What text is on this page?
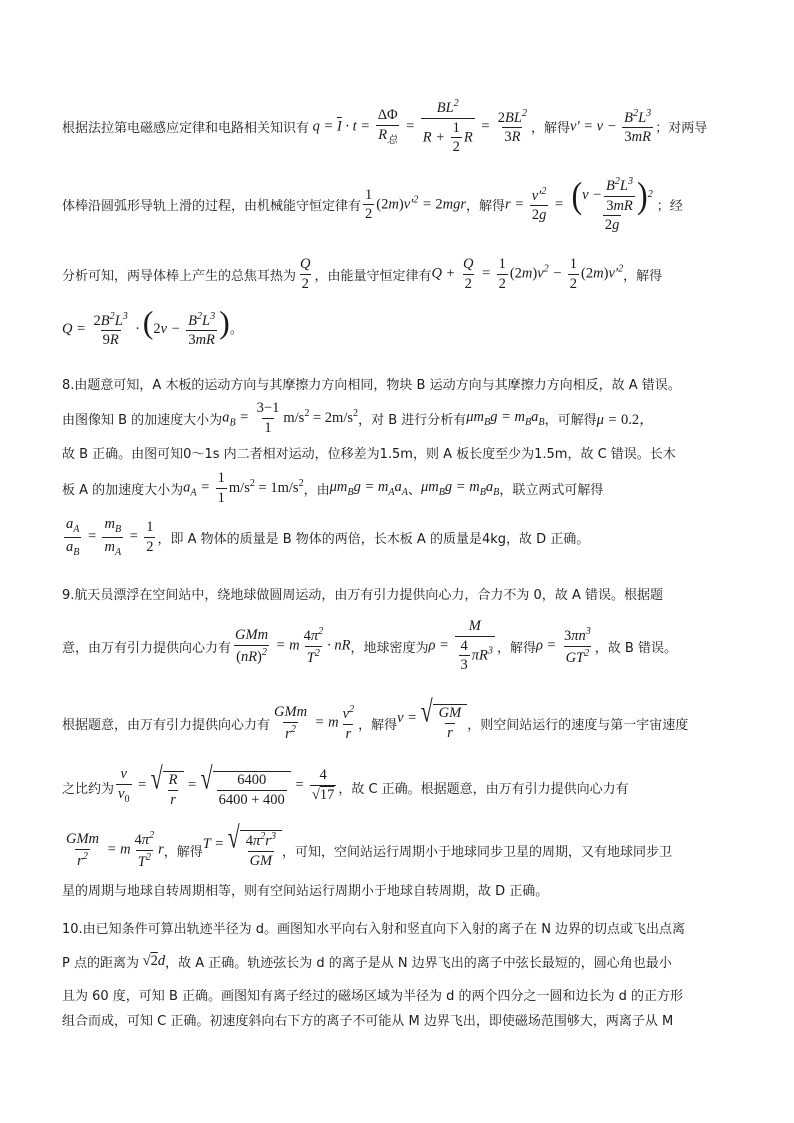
根据法拉第电磁感应定律和电路相关知识有 $q = \overline{I} \cdot t$ =
ΔΦ
$R_总$
= $\frac{BL^2}{R + \frac{1}{2} R} = \frac{2BL^2}{3R}$ ，解得 $v' = v - \frac{B^2L^3}{3mR}$ ；对两导
体棒沿圆弧形导轨上滑的过程，由机械能守恒定律有 $\frac{1}{2} (2m)v'^2 = 2mgr$ ，解得 $r = \frac{v'^2}{2g}$ = ( v −
$B^2L^3$
3mR ) 2
2g ；经
分析可知，两导体棒上产生的总焦耳热为 $\frac{Q}{2}$ ，由能量守恒定律有 $Q + \frac{Q}{2} = \frac{1}{2} (2m)v^2 - \frac{1}{2} (2m)v'^2$ ，解得
$Q = \frac{2B^2L^3}{9R} \cdot (2v - \frac{B^2L^3}{3mR}$ ) 。
8.由题意可知，A 木板的运动方向与其摩擦力方向相同，物块 B 运动方向与其摩擦力方向相反，故 A 错误。
由图像知 B 的加速度大小为 $a_B = \frac{3-1}{1} m/s^2 = 2m/s^2$ ，对 B 进行分析有 $\mu m_Bg = m_Ba_B$ ，可解得 μ = 0.2，
故 B 正确。由图可知0～1s 内二者相对运动，位移差为1.5m，则 A 板长度至少为1.5m，故 C 错误。长木
板 A 的加速度大小为 $a_A = \frac{1}{1} m/s^2 = 1m/s^2$ ，由 $\mu m_Bg = m_Aa_A$ 、 $\mu m_Bg = m_Ba_B$ ，联立两式可解得
$\frac{a_A}{a_B} = \frac{m_B}{m_A} = \frac{1}{2}$ ，即 A 物体的质量是 B 物体的两倍，长木板 A 的质量是4kg，故 D 正确。
9.航天员漂浮在空间站中，绕地球做圆周运动，由万有引力提供向心力，合力不为 0，故 A 错误。根据题
意，由万有引力提供向心力有
GMm
(nR)$^2$ = m $\frac{4\pi^2}{T^2}$ · nR ，地球密度为 $\rho = \frac{M}{\frac{4}{3} \pi R^3}$ ，解得 $\rho = \frac{3\pi n^3}{GT^2}$ ，故 B 错误。
根据题意，由万有引力提供向心力有
GMm
$r^2 = m \frac{v^2}{r}$ ，解得 v = √ GM
r ，则空间站运行的速度与第一宇宙速度
之比约为 $\frac{v}{v_0}$ = √ R
r
= √ 6400
6400 + 400
= $\frac{4}{√17}$ ，故 C 正确。根据题意，由万有引力提供向心力有
GMm
$r^2 = m \frac{4\pi^2}{T^2}$ r ，解得 T = √ $4\pi^2r^3$
GM
，可知，空间站运行周期小于地球同步卫星的周期，又有地球同步卫
星的周期与地球自转周期相等，则有空间站运行周期小于地球自转周期，故 D 正确。
10.由已知条件可算出轨迹半径为 d。画图知水平向右入射和竖直向下入射的离子在 N 边界的切点或飞出点离
P 点的距离为 √2d ，故 A 正确。轨迹弦长为 d 的离子是从 N 边界飞出的离子中弦长最短的，圆心角也最小
且为 60 度，可知 B 正确。画图知有离子经过的磁场区域为半径为 d 的两个四分之一圆和边长为 d 的正方形
组合而成，可知 C 正确。初速度斜向右下方的离子不可能从 M 边界飞出，即使磁场范围够大，两离子从 M
